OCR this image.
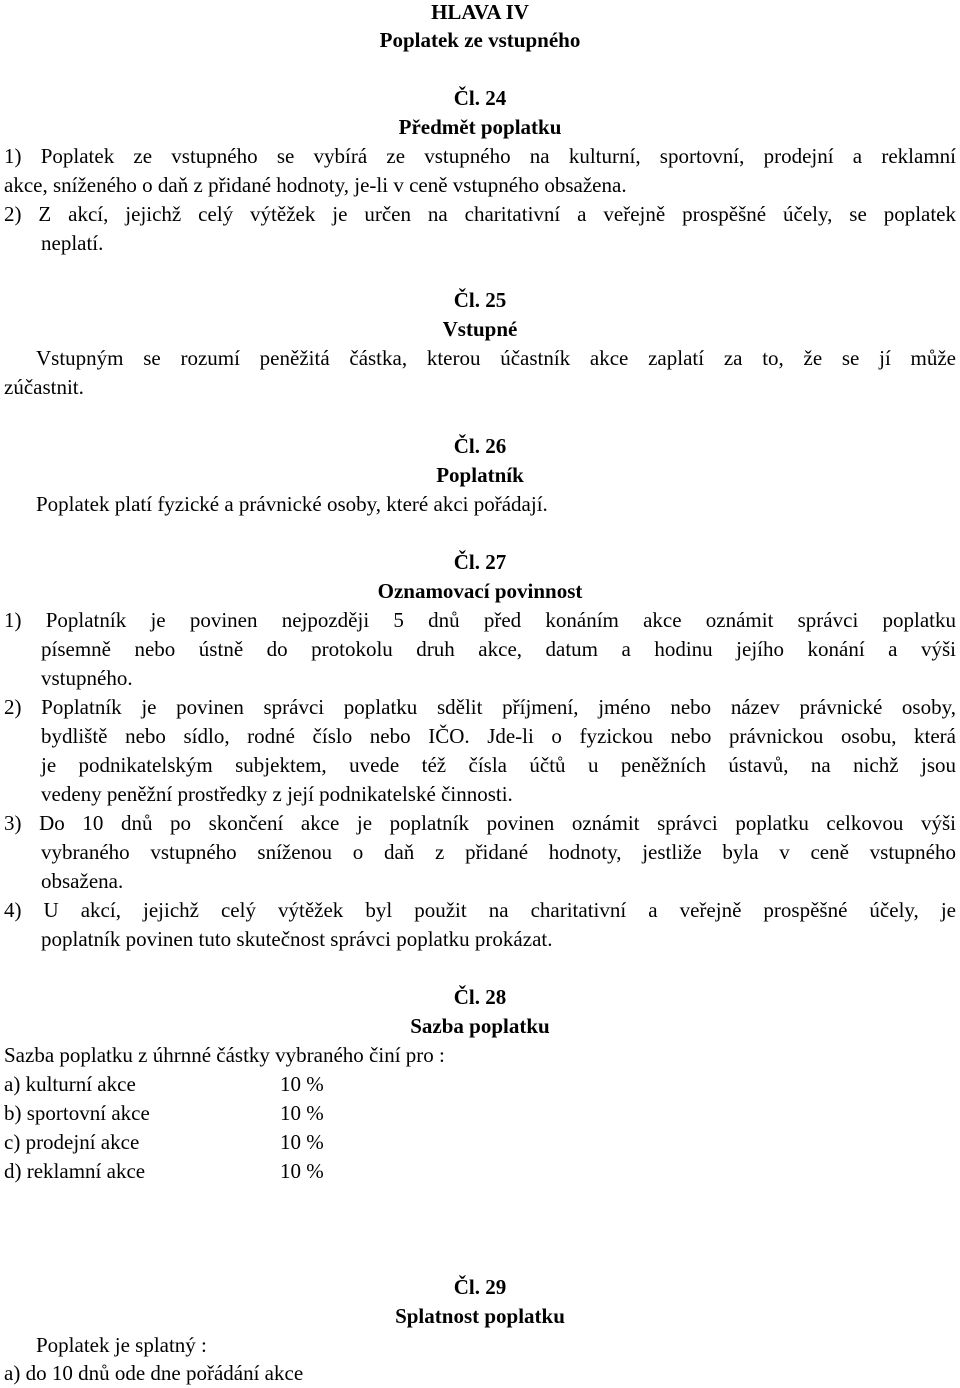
HLAVA IV
Poplatek ze vstupného
Čl. 24
Předmět poplatku
1) Poplatek ze vstupného se vybírá ze vstupného na kulturní, sportovní, prodejní a reklamní
akce, sníženého o daň z přidané hodnoty, je-li v ceně vstupného obsažena.
2) Z akcí, jejichž celý výtěžek je určen na charitativní a veřejně prospěšné účely, se poplatek
neplatí.
Čl. 25
Vstupné
Vstupným se rozumí peněžitá částka, kterou účastník akce zaplatí za to, že se jí může
zúčastnit.
Čl. 26
Poplatník
Poplatek platí fyzické a právnické osoby, které akci pořádají.
Čl. 27
Oznamovací povinnost
1) Poplatník je povinen nejpozději 5 dnů před konáním akce oznámit správci poplatku
písemně nebo ústně do protokolu druh akce, datum a hodinu jejího konání a výši
vstupného.
2) Poplatník je povinen správci poplatku sdělit příjmení, jméno nebo název právnické osoby,
bydliště nebo sídlo, rodné číslo nebo IČO. Jde-li o fyzickou nebo právnickou osobu, která
je podnikatelským subjektem, uvede též čísla účtů u peněžních ústavů, na nichž jsou
vedeny peněžní prostředky z její podnikatelské činnosti.
3) Do 10 dnů po skončení akce je poplatník povinen oznámit správci poplatku celkovou výši
vybraného vstupného sníženou o daň z přidané hodnoty, jestliže byla v ceně vstupného
obsažena.
4) U akcí, jejichž celý výtěžek byl použit na charitativní a veřejně prospěšné účely, je
poplatník povinen tuto skutečnost správci poplatku prokázat.
Čl. 28
Sazba poplatku
Sazba poplatku z úhrnné částky vybraného činí pro :
a) kulturní akce	10 %
b) sportovní akce	10 %
c) prodejní akce	10 %
d) reklamní akce	10 %
Čl. 29
Splatnost poplatku
Poplatek je splatný :
a) do 10 dnů ode dne pořádání akce
